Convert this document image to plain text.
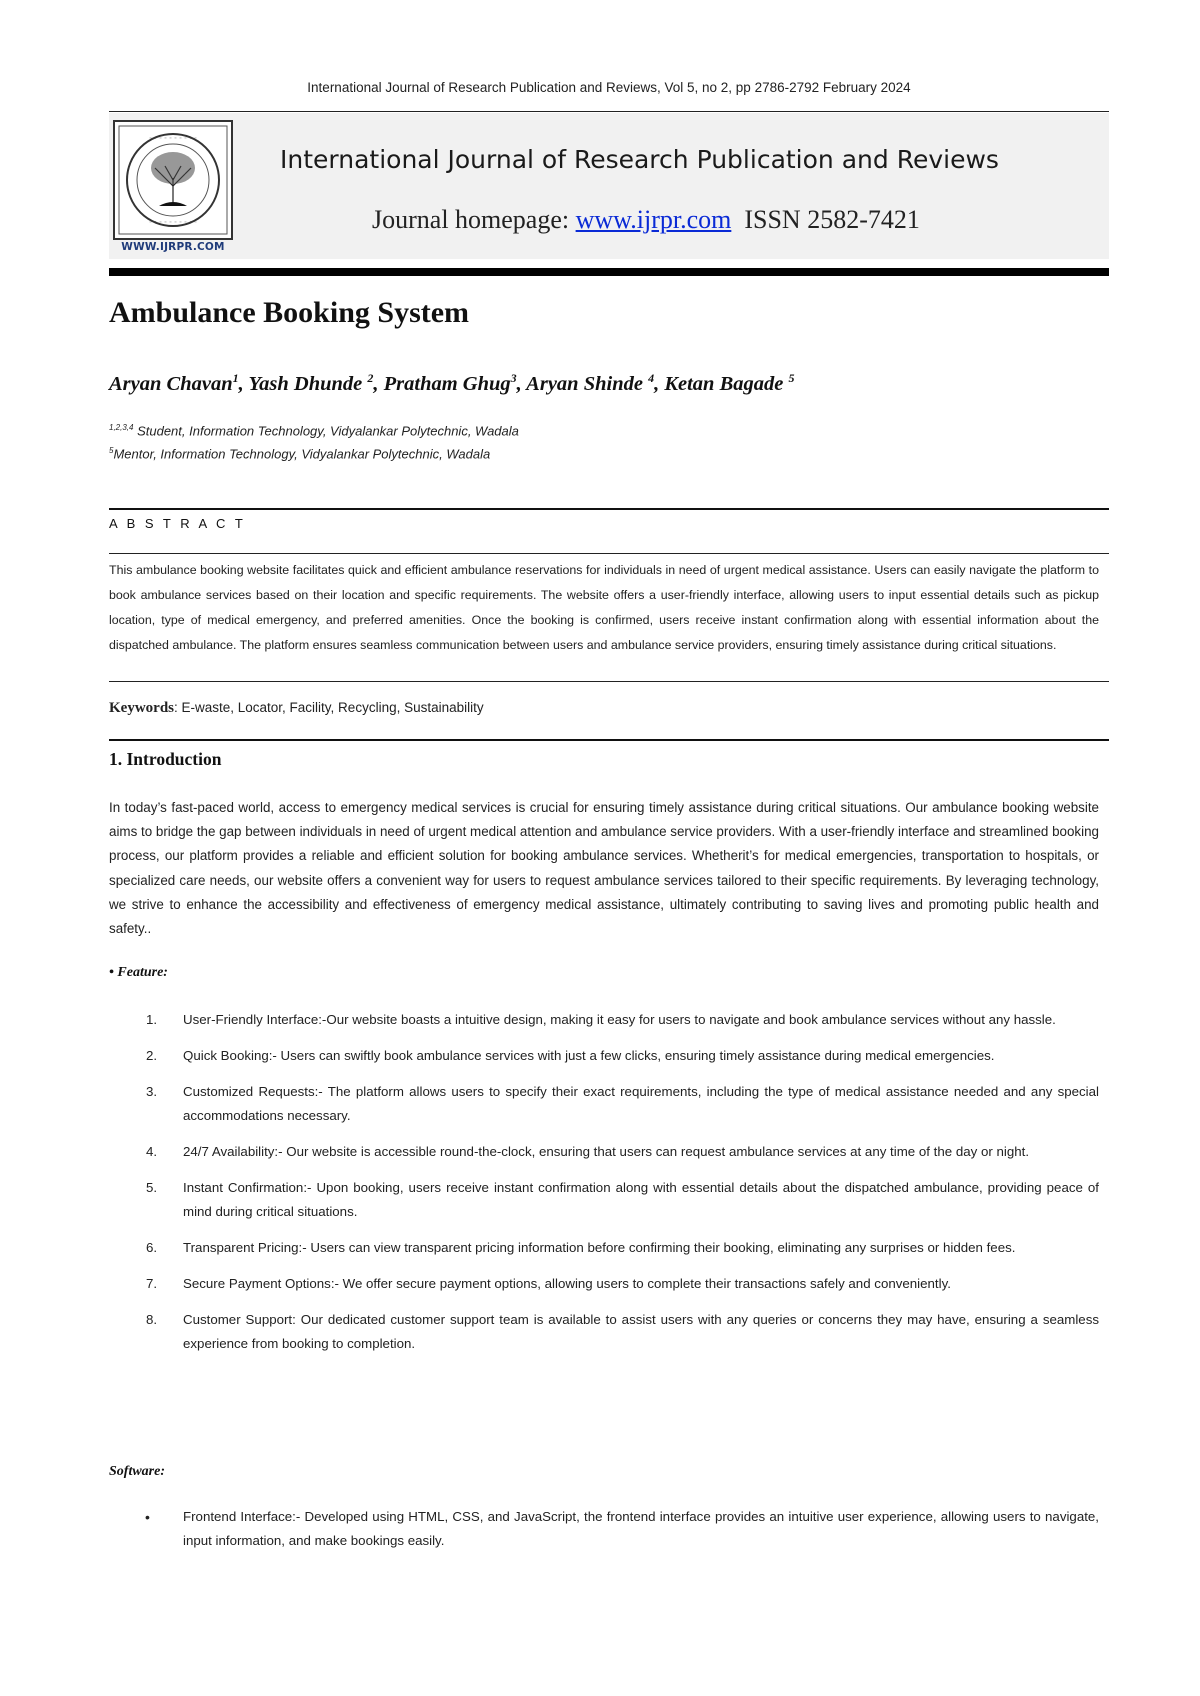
International Journal of Research Publication and Reviews, Vol 5, no 2, pp 2786-2792 February 2024
◦ ◦ ◦ ◦ ◦ ◦ ◦ ◦ ◦ ◦
◦ ◦ ◦ ◦ ◦ ◦ ◦ ◦ ◦ ◦
WWW.IJRPR.COM
International Journal of Research Publication and Reviews
Journal homepage: www.ijrpr.com ISSN 2582-7421
Ambulance Booking System
Aryan Chavan$^1$, Yash Dhunde $^2$, Pratham Ghug$^3$, Aryan Shinde $^4$, Ketan Bagade $^5$
$^{1,2,3,4}$ Student, Information Technology, Vidyalankar Polytechnic, Wadala
$^5$Mentor, Information Technology, Vidyalankar Polytechnic, Wadala
A B S T R A C T
This ambulance booking website facilitates quick and efficient ambulance reservations for individuals in need of urgent medical assistance. Users can easily navigate the platform to book ambulance services based on their location and specific requirements. The website offers a user-friendly interface, allowing users to input essential details such as pickup location, type of medical emergency, and preferred amenities. Once the booking is confirmed, users receive instant confirmation along with essential information about the dispatched ambulance. The platform ensures seamless communication between users and ambulance service providers, ensuring timely assistance during critical situations.
Keywords: E-waste, Locator, Facility, Recycling, Sustainability
1. Introduction
In today’s fast-paced world, access to emergency medical services is crucial for ensuring timely assistance during critical situations. Our ambulance booking website aims to bridge the gap between individuals in need of urgent medical attention and ambulance service providers. With a user-friendly interface and streamlined booking process, our platform provides a reliable and efficient solution for booking ambulance services. Whetherit’s for medical emergencies, transportation to hospitals, or specialized care needs, our website offers a convenient way for users to request ambulance services tailored to their specific requirements. By leveraging technology, we strive to enhance the accessibility and effectiveness of emergency medical assistance, ultimately contributing to saving lives and promoting public health and safety..
• Feature:
1. User-Friendly Interface:-Our website boasts a intuitive design, making it easy for users to navigate and book ambulance services without any hassle.
2. Quick Booking:- Users can swiftly book ambulance services with just a few clicks, ensuring timely assistance during medical emergencies.
3. Customized Requests:- The platform allows users to specify their exact requirements, including the type of medical assistance needed and any special accommodations necessary.
4. 24/7 Availability:- Our website is accessible round-the-clock, ensuring that users can request ambulance services at any time of the day or night.
5. Instant Confirmation:- Upon booking, users receive instant confirmation along with essential details about the dispatched ambulance, providing peace of mind during critical situations.
6. Transparent Pricing:- Users can view transparent pricing information before confirming their booking, eliminating any surprises or hidden fees.
7. Secure Payment Options:- We offer secure payment options, allowing users to complete their transactions safely and conveniently.
8. Customer Support: Our dedicated customer support team is available to assist users with any queries or concerns they may have, ensuring a seamless experience from booking to completion.
Software:
• Frontend Interface:- Developed using HTML, CSS, and JavaScript, the frontend interface provides an intuitive user experience, allowing users to navigate, input information, and make bookings easily.
